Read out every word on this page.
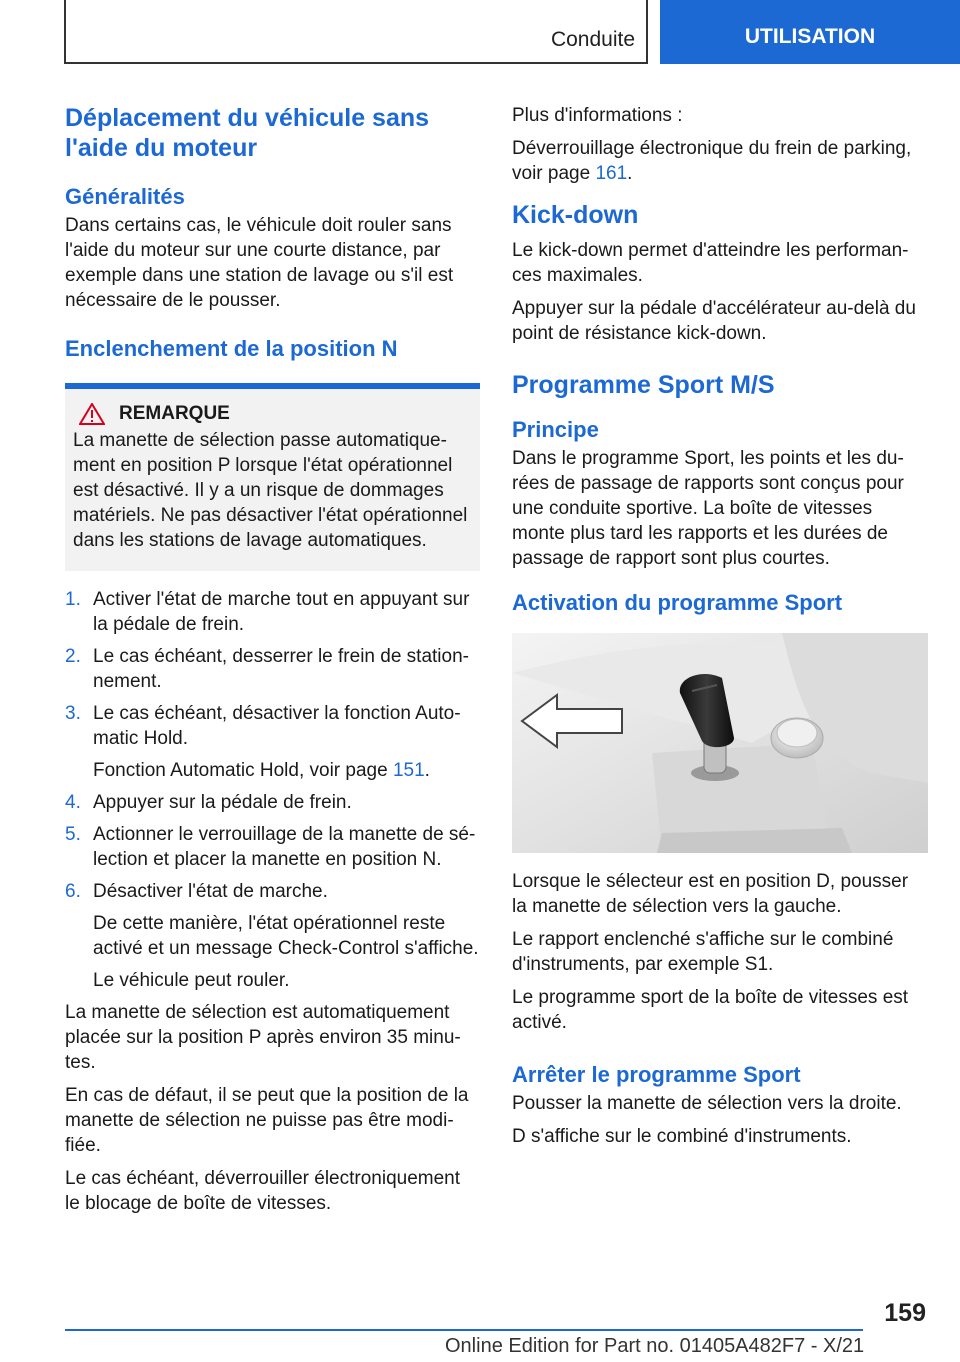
Conduite	UTILISATION
Déplacement du véhicule sans l'aide du moteur
Généralités

Dans certains cas, le véhicule doit rouler sans l'aide du moteur sur une courte distance, par exemple dans une station de lavage ou s'il est nécessaire de le pousser.

Enclenchement de la position N
REMARQUE
La manette de sélection passe automatiquement en position P lorsque l'état opérationnel est désactivé. Il y a un risque de dommages matériels. Ne pas désactiver l'état opérationnel dans les stations de lavage automatiques.
1. Activer l'état de marche tout en appuyant sur la pédale de frein.

2. Le cas échéant, desserrer le frein de stationnement.

3. Le cas échéant, désactiver la fonction Automatic Hold.

Fonction Automatic Hold, voir page 151.

4. Appuyer sur la pédale de frein.

5. Actionner le verrouillage de la manette de sélection et placer la manette en position N.

6. Désactiver l'état de marche.

De cette manière, l'état opérationnel reste activé et un message Check-Control s'affiche.

Le véhicule peut rouler.

La manette de sélection est automatiquement placée sur la position P après environ 35 minutes.

En cas de défaut, il se peut que la position de la manette de sélection ne puisse pas être modifiée.

Le cas échéant, déverrouiller électroniquement le blocage de boîte de vitesses.

Plus d'informations :

Déverrouillage électronique du frein de parking, voir page 161.

Kick-down

Le kick-down permet d'atteindre les performances maximales.

Appuyer sur la pédale d'accélérateur au-delà du point de résistance kick-down.

Programme Sport M/S
Principe

Dans le programme Sport, les points et les durées de passage de rapports sont conçus pour une conduite sportive. La boîte de vitesses monte plus tard les rapports et les durées de passage de rapport sont plus courtes.

Activation du programme Sport

Lorsque le sélecteur est en position D, pousser la manette de sélection vers la gauche.

Le rapport enclenché s'affiche sur le combiné d'instruments, par exemple S1.

Le programme sport de la boîte de vitesses est activé.

Arrêter le programme Sport

Pousser la manette de sélection vers la droite.

D s'affiche sur le combiné d'instruments.

159
Online Edition for Part no. 01405A482F7 - X/21
